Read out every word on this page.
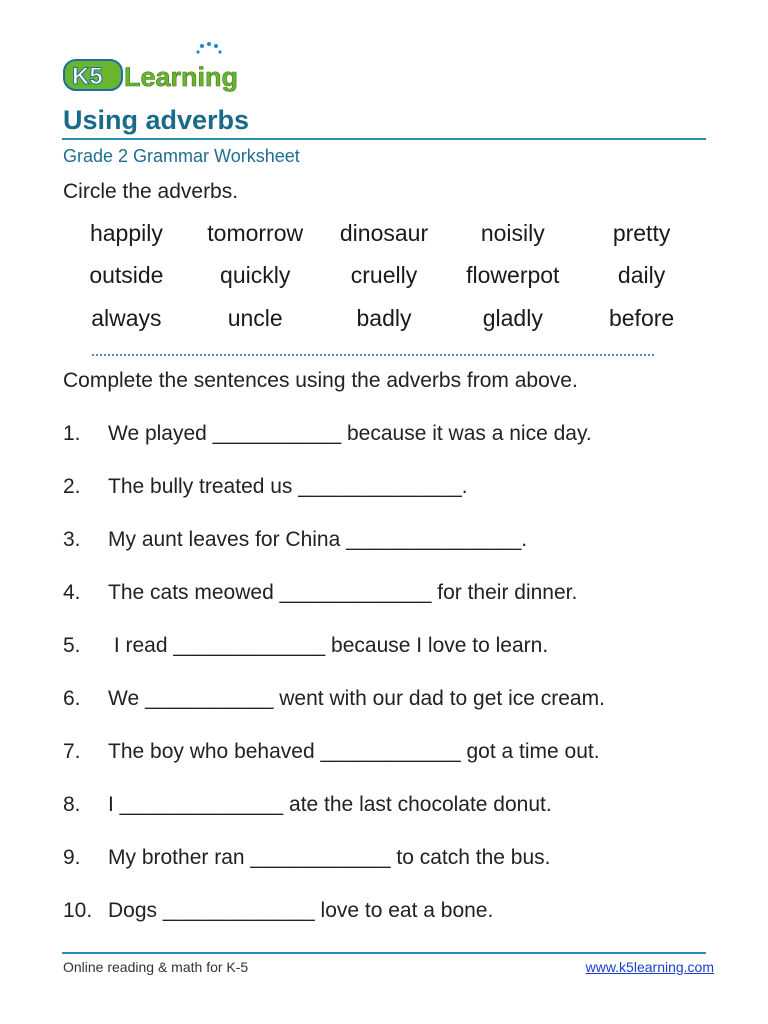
K5 Learning
Using adverbs
Grade 2 Grammar Worksheet
Circle the adverbs.
happily	tomorrow	dinosaur	noisily	pretty
outside	quickly	cruelly	flowerpot	daily
always	uncle	badly	gladly	before
Complete the sentences using the adverbs from above.
1.	We played ___________ because it was a nice day.
2.	The bully treated us ______________.
3.	My aunt leaves for China _______________.
4.	The cats meowed _____________ for their dinner.
5.	I read _____________ because I love to learn.
6.	We ___________ went with our dad to get ice cream.
7.	The boy who behaved ____________ got a time out.
8.	I ______________ ate the last chocolate donut.
9.	My brother ran ____________ to catch the bus.
10. Dogs _____________ love to eat a bone.
Online reading & math for K-5	www.k5learning.com
